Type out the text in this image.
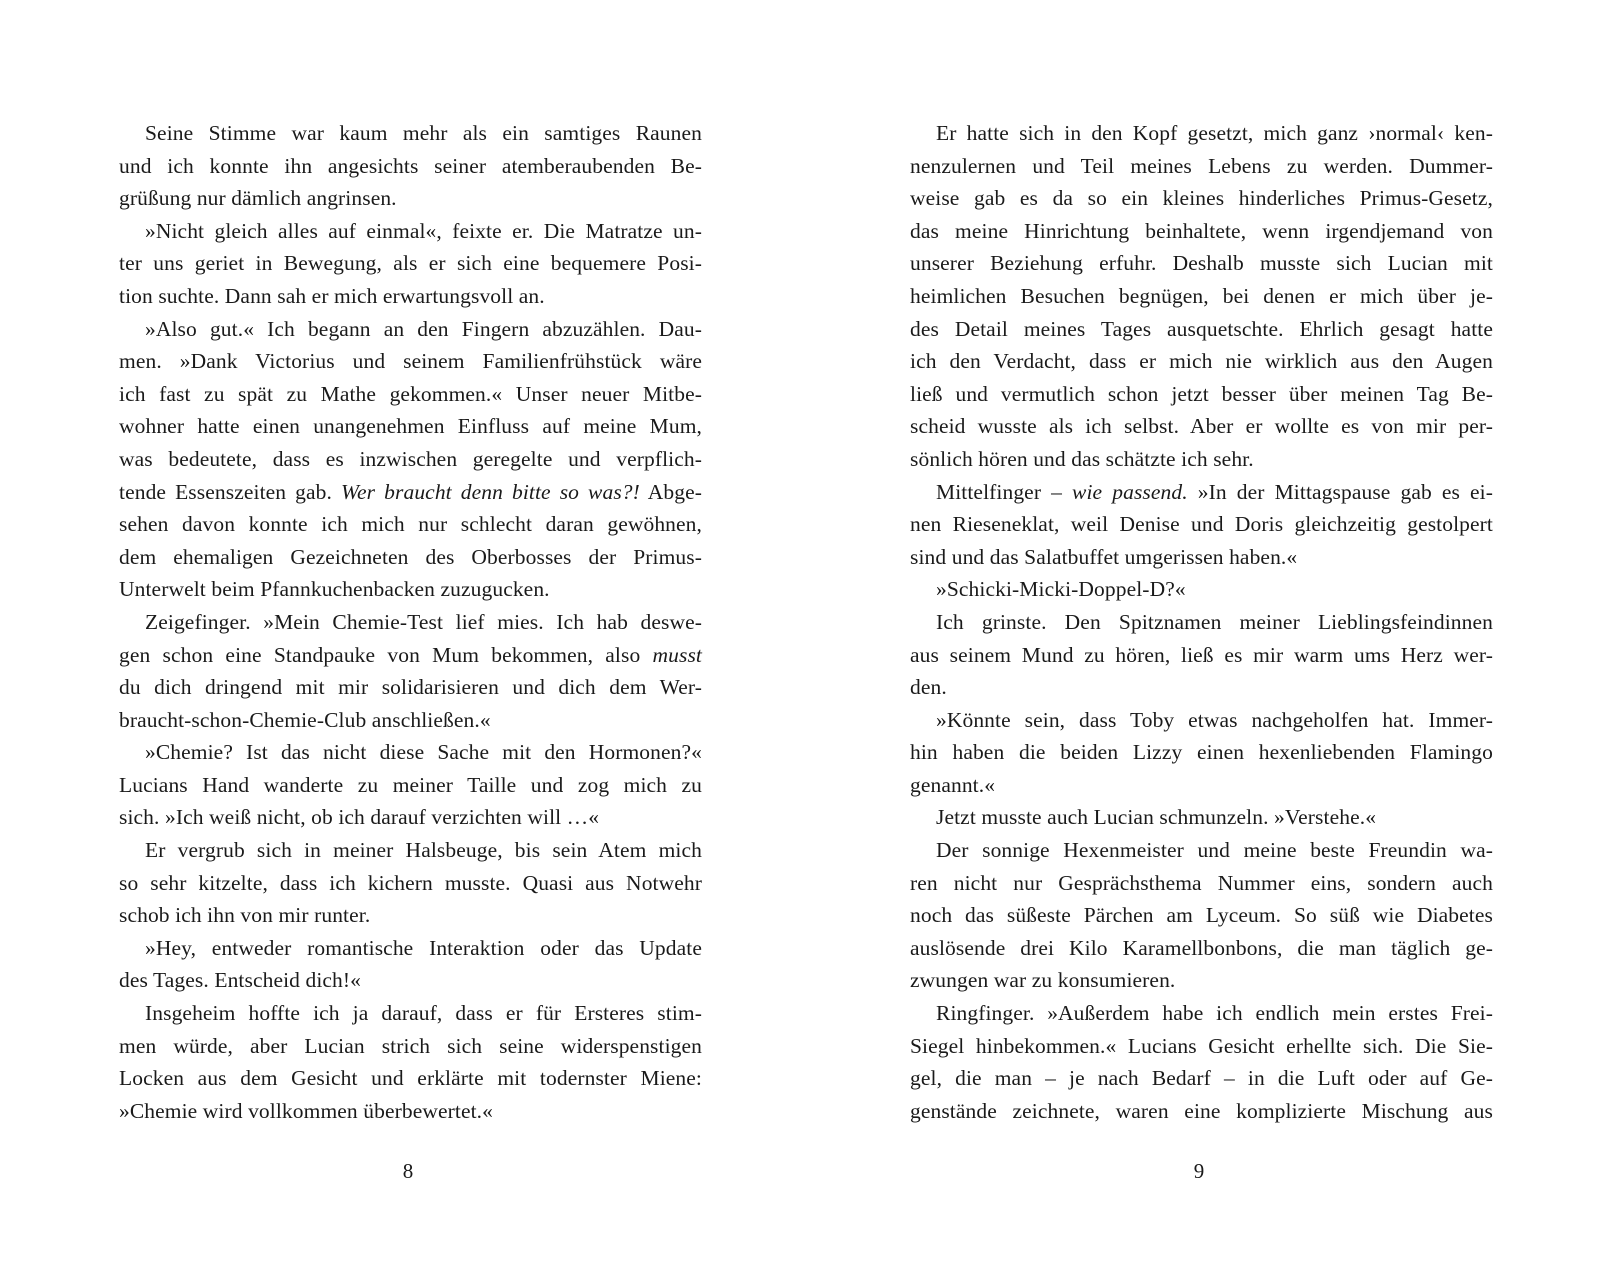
Seine Stimme war kaum mehr als ein samtiges Raunen
und ich konnte ihn angesichts seiner atemberaubenden Be-
grüßung nur dämlich angrinsen.
»Nicht gleich alles auf einmal«, feixte er. Die Matratze un-
ter uns geriet in Bewegung, als er sich eine bequemere Posi-
tion suchte. Dann sah er mich erwartungsvoll an.
»Also gut.« Ich begann an den Fingern abzuzählen. Dau-
men. »Dank Victorius und seinem Familienfrühstück wäre
ich fast zu spät zu Mathe gekommen.« Unser neuer Mitbe-
wohner hatte einen unangenehmen Einfluss auf meine Mum,
was bedeutete, dass es inzwischen geregelte und verpflich-
tende Essenszeiten gab. Wer braucht denn bitte so was?! Abge-
sehen davon konnte ich mich nur schlecht daran gewöhnen,
dem ehemaligen Gezeichneten des Oberbosses der Primus-
Unterwelt beim Pfannkuchenbacken zuzugucken.
Zeigefinger. »Mein Chemie-Test lief mies. Ich hab deswe-
gen schon eine Standpauke von Mum bekommen, also musst
du dich dringend mit mir solidarisieren und dich dem Wer-
braucht-schon-Chemie-Club anschließen.«
»Chemie? Ist das nicht diese Sache mit den Hormonen?«
Lucians Hand wanderte zu meiner Taille und zog mich zu
sich. »Ich weiß nicht, ob ich darauf verzichten will …«
Er vergrub sich in meiner Halsbeuge, bis sein Atem mich
so sehr kitzelte, dass ich kichern musste. Quasi aus Notwehr
schob ich ihn von mir runter.
»Hey, entweder romantische Interaktion oder das Update
des Tages. Entscheid dich!«
Insgeheim hoffte ich ja darauf, dass er für Ersteres stim-
men würde, aber Lucian strich sich seine widerspenstigen
Locken aus dem Gesicht und erklärte mit todernster Miene:
»Chemie wird vollkommen überbewertet.«
Er hatte sich in den Kopf gesetzt, mich ganz ›normal‹ ken-
nenzulernen und Teil meines Lebens zu werden. Dummer-
weise gab es da so ein kleines hinderliches Primus-Gesetz,
das meine Hinrichtung beinhaltete, wenn irgendjemand von
unserer Beziehung erfuhr. Deshalb musste sich Lucian mit
heimlichen Besuchen begnügen, bei denen er mich über je-
des Detail meines Tages ausquetschte. Ehrlich gesagt hatte
ich den Verdacht, dass er mich nie wirklich aus den Augen
ließ und vermutlich schon jetzt besser über meinen Tag Be-
scheid wusste als ich selbst. Aber er wollte es von mir per-
sönlich hören und das schätzte ich sehr.
Mittelfinger – wie passend. »In der Mittagspause gab es ei-
nen Rieseneklat, weil Denise und Doris gleichzeitig gestolpert
sind und das Salatbuffet umgerissen haben.«
»Schicki-Micki-Doppel-D?«
Ich grinste. Den Spitznamen meiner Lieblingsfeindinnen
aus seinem Mund zu hören, ließ es mir warm ums Herz wer-
den.
»Könnte sein, dass Toby etwas nachgeholfen hat. Immer-
hin haben die beiden Lizzy einen hexenliebenden Flamingo
genannt.«
Jetzt musste auch Lucian schmunzeln. »Verstehe.«
Der sonnige Hexenmeister und meine beste Freundin wa-
ren nicht nur Gesprächsthema Nummer eins, sondern auch
noch das süßeste Pärchen am Lyceum. So süß wie Diabetes
auslösende drei Kilo Karamellbonbons, die man täglich ge-
zwungen war zu konsumieren.
Ringfinger. »Außerdem habe ich endlich mein erstes Frei-
Siegel hinbekommen.« Lucians Gesicht erhellte sich. Die Sie-
gel, die man – je nach Bedarf – in die Luft oder auf Ge-
genstände zeichnete, waren eine komplizierte Mischung aus
8	9
